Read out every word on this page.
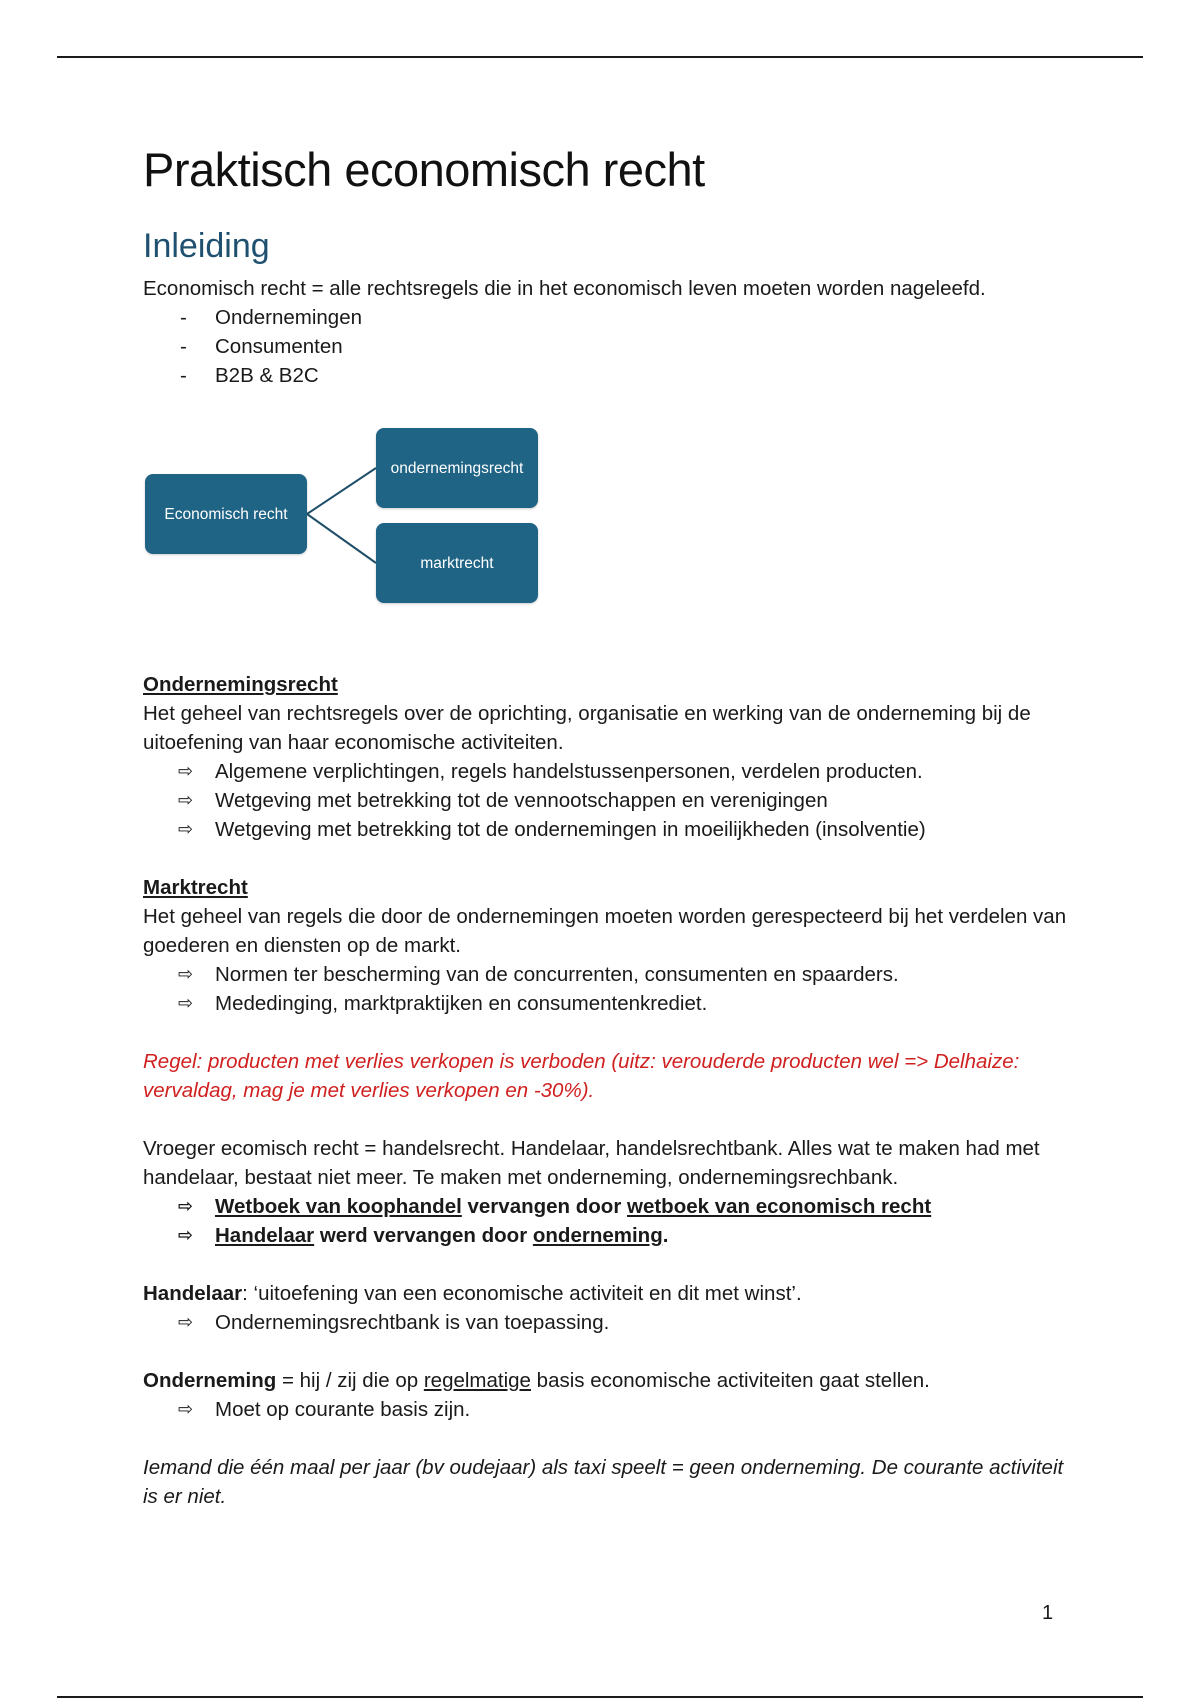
Praktisch economisch recht
Inleiding

Economisch recht = alle rechtsregels die in het economisch leven moeten worden nageleefd.

- Ondernemingen
- Consumenten
- B2B & B2C
Economisch recht
ondernemingsrecht
marktrecht

Ondernemingsrecht

Het geheel van rechtsregels over de oprichting, organisatie en werking van de onderneming bij de uitoefening van haar economische activiteiten.

⇨ Algemene verplichtingen, regels handelstussenpersonen, verdelen producten.
⇨ Wetgeving met betrekking tot de vennootschappen en verenigingen
⇨ Wetgeving met betrekking tot de ondernemingen in moeilijkheden (insolventie)

Marktrecht

Het geheel van regels die door de ondernemingen moeten worden gerespecteerd bij het verdelen van goederen en diensten op de markt.

⇨ Normen ter bescherming van de concurrenten, consumenten en spaarders.
⇨ Mededinging, marktpraktijken en consumentenkrediet.

Regel: producten met verlies verkopen is verboden (uitz: verouderde producten wel => Delhaize: vervaldag, mag je met verlies verkopen en -30%).

Vroeger ecomisch recht = handelsrecht. Handelaar, handelsrechtbank. Alles wat te maken had met handelaar, bestaat niet meer. Te maken met onderneming, ondernemingsrechbank.

⇨ Wetboek van koophandel vervangen door wetboek van economisch recht
⇨ Handelaar werd vervangen door onderneming.

Handelaar: ‘uitoefening van een economische activiteit en dit met winst’.

⇨ Ondernemingsrechtbank is van toepassing.

Onderneming = hij / zij die op regelmatige basis economische activiteiten gaat stellen.

⇨ Moet op courante basis zijn.

Iemand die één maal per jaar (bv oudejaar) als taxi speelt = geen onderneming. De courante activiteit is er niet.

1
